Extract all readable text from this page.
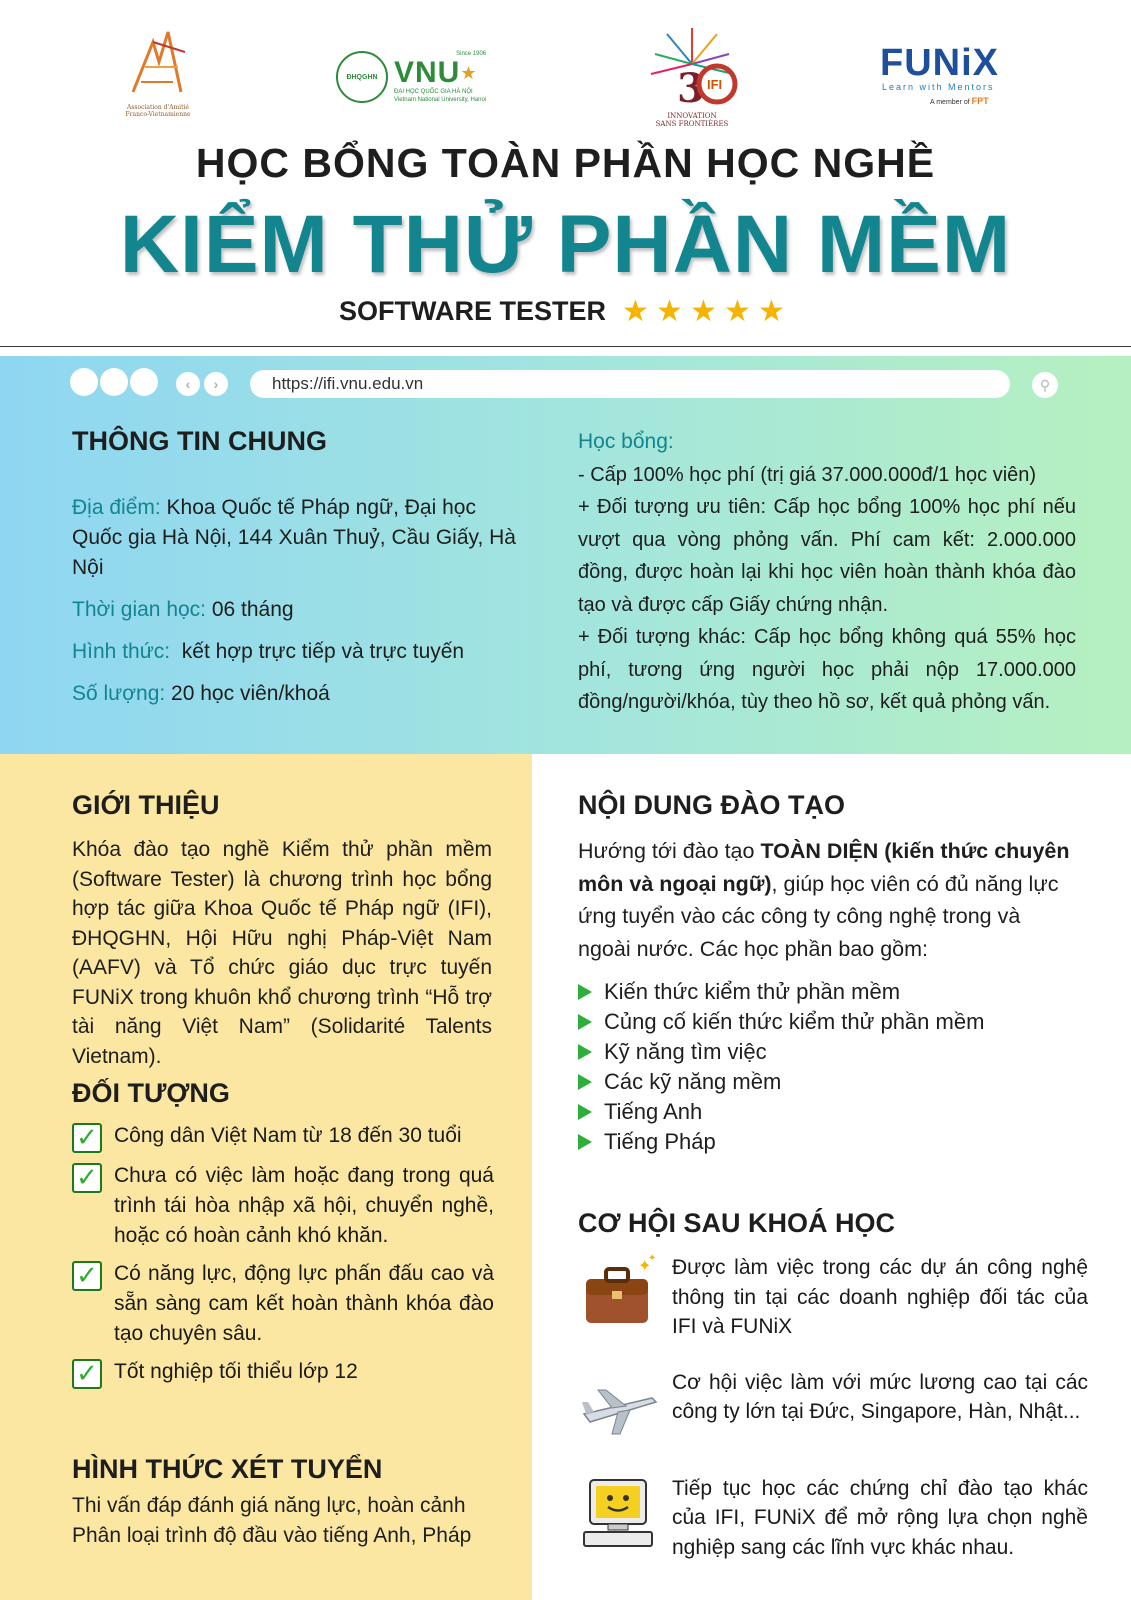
Association d'Amitié Franco-Vietnamienne
ĐHQGHN
Since 1906
VNU★
ĐẠI HỌC QUỐC GIA HÀ NỘI
Vietnam National University, Hanoi	3 IFI
INNOVATION
SANS FRONTIÈRES
FUNiX
Learn with Mentors
A member of FPT
HỌC BỔNG TOÀN PHẦN HỌC NGHỀ
KIỂM THỬ PHẦN MỀM
SOFTWARE TESTER ★ ★ ★ ★ ★
‹	›	https://ifi.vnu.edu.vn	⚲
THÔNG TIN CHUNG
Địa điểm: Khoa Quốc tế Pháp ngữ, Đại học Quốc gia Hà Nội, 144 Xuân Thuỷ, Cầu Giấy, Hà Nội
Thời gian học: 06 tháng
Hình thức:  kết hợp trực tiếp và trực tuyến
Số lượng: 20 học viên/khoá
Học bổng:
- Cấp 100% học phí (trị giá 37.000.000đ/1 học viên)
+ Đối tượng ưu tiên: Cấp học bổng 100% học phí nếu vượt qua vòng phỏng vấn. Phí cam kết: 2.000.000 đồng, được hoàn lại khi học viên hoàn thành khóa đào tạo và được cấp Giấy chứng nhận.
+ Đối tượng khác: Cấp học bổng không quá 55% học phí, tương ứng người học phải nộp 17.000.000 đồng/người/khóa, tùy theo hồ sơ, kết quả phỏng vấn.
GIỚI THIỆU
Khóa đào tạo nghề Kiểm thử phần mềm (Software Tester) là chương trình học bổng hợp tác giữa Khoa Quốc tế Pháp ngữ (IFI), ĐHQGHN, Hội Hữu nghị Pháp-Việt Nam (AAFV) và Tổ chức giáo dục trực tuyến FUNiX trong khuôn khổ chương trình “Hỗ trợ tài năng Việt Nam” (Solidarité Talents Vietnam).
ĐỐI TƯỢNG
✓ Công dân Việt Nam từ 18 đến 30 tuổi
✓ Chưa có việc làm hoặc đang trong quá trình tái hòa nhập xã hội, chuyển nghề, hoặc có hoàn cảnh khó khăn.
✓ Có năng lực, động lực phấn đấu cao và sẵn sàng cam kết hoàn thành khóa đào tạo chuyên sâu.
✓ Tốt nghiệp tối thiểu lớp 12
HÌNH THỨC XÉT TUYỂN
Thi vấn đáp đánh giá năng lực, hoàn cảnh
Phân loại trình độ đầu vào tiếng Anh, Pháp
NỘI DUNG ĐÀO TẠO
Hướng tới đào tạo TOÀN DIỆN (kiến thức chuyên môn và ngoại ngữ), giúp học viên có đủ năng lực ứng tuyển vào các công ty công nghệ trong và ngoài nước. Các học phần bao gồm:
Kiến thức kiểm thử phần mềm
Củng cố kiến thức kiểm thử phần mềm
Kỹ năng tìm việc
Các kỹ năng mềm
Tiếng Anh
Tiếng Pháp
CƠ HỘI SAU KHOÁ HỌC
✦
✦ Được làm việc trong các dự án công nghệ thông tin tại các doanh nghiệp đối tác của IFI và FUNiX
Cơ hội việc làm với mức lương cao tại các công ty lớn tại Đức, Singapore, Hàn, Nhật...
Tiếp tục học các chứng chỉ đào tạo khác của IFI, FUNiX để mở rộng lựa chọn nghề nghiệp sang các lĩnh vực khác nhau.
